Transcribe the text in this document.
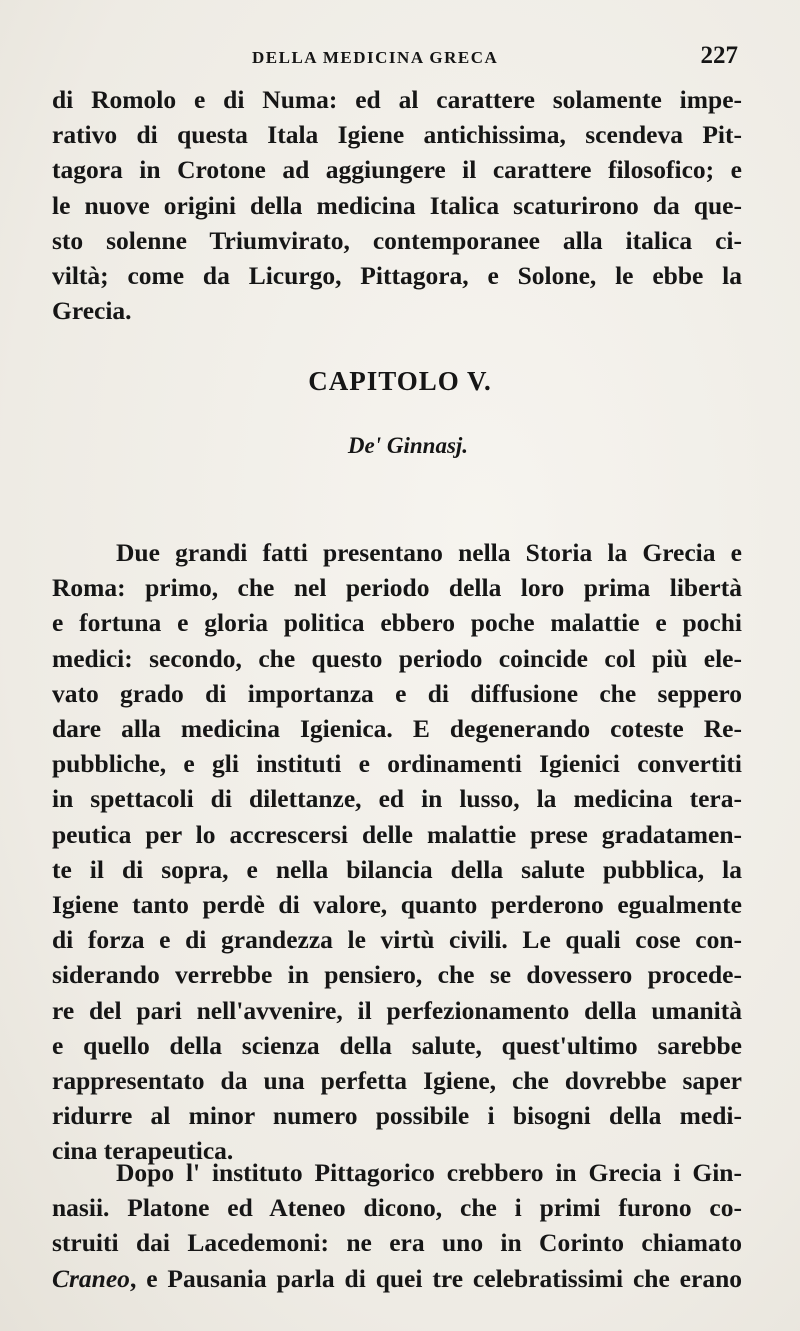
DELLA MEDICINA GRECA	227
di Romolo e di Numa: ed al carattere solamente impe-
rativo di questa Itala Igiene antichissima, scendeva Pit-
tagora in Crotone ad aggiungere il carattere filosofico; e
le nuove origini della medicina Italica scaturirono da que-
sto solenne Triumvirato, contemporanee alla italica ci-
viltà; come da Licurgo, Pittagora, e Solone, le ebbe la
Grecia.
CAPITOLO V.
De' Ginnasj.
Due grandi fatti presentano nella Storia la Grecia e
Roma: primo, che nel periodo della loro prima libertà
e fortuna e gloria politica ebbero poche malattie e pochi
medici: secondo, che questo periodo coincide col più ele-
vato grado di importanza e di diffusione che seppero
dare alla medicina Igienica. E degenerando coteste Re-
pubbliche, e gli instituti e ordinamenti Igienici convertiti
in spettacoli di dilettanze, ed in lusso, la medicina tera-
peutica per lo accrescersi delle malattie prese gradatamen-
te il di sopra, e nella bilancia della salute pubblica, la
Igiene tanto perdè di valore, quanto perderono egualmente
di forza e di grandezza le virtù civili. Le quali cose con-
siderando verrebbe in pensiero, che se dovessero procede-
re del pari nell'avvenire, il perfezionamento della umanità
e quello della scienza della salute, quest'ultimo sarebbe
rappresentato da una perfetta Igiene, che dovrebbe saper
ridurre al minor numero possibile i bisogni della medi-
cina terapeutica.
Dopo l' instituto Pittagorico crebbero in Grecia i Gin-
nasii. Platone ed Ateneo dicono, che i primi furono co-
struiti dai Lacedemoni: ne era uno in Corinto chiamato
Craneo, e Pausania parla di quei tre celebratissimi che erano
